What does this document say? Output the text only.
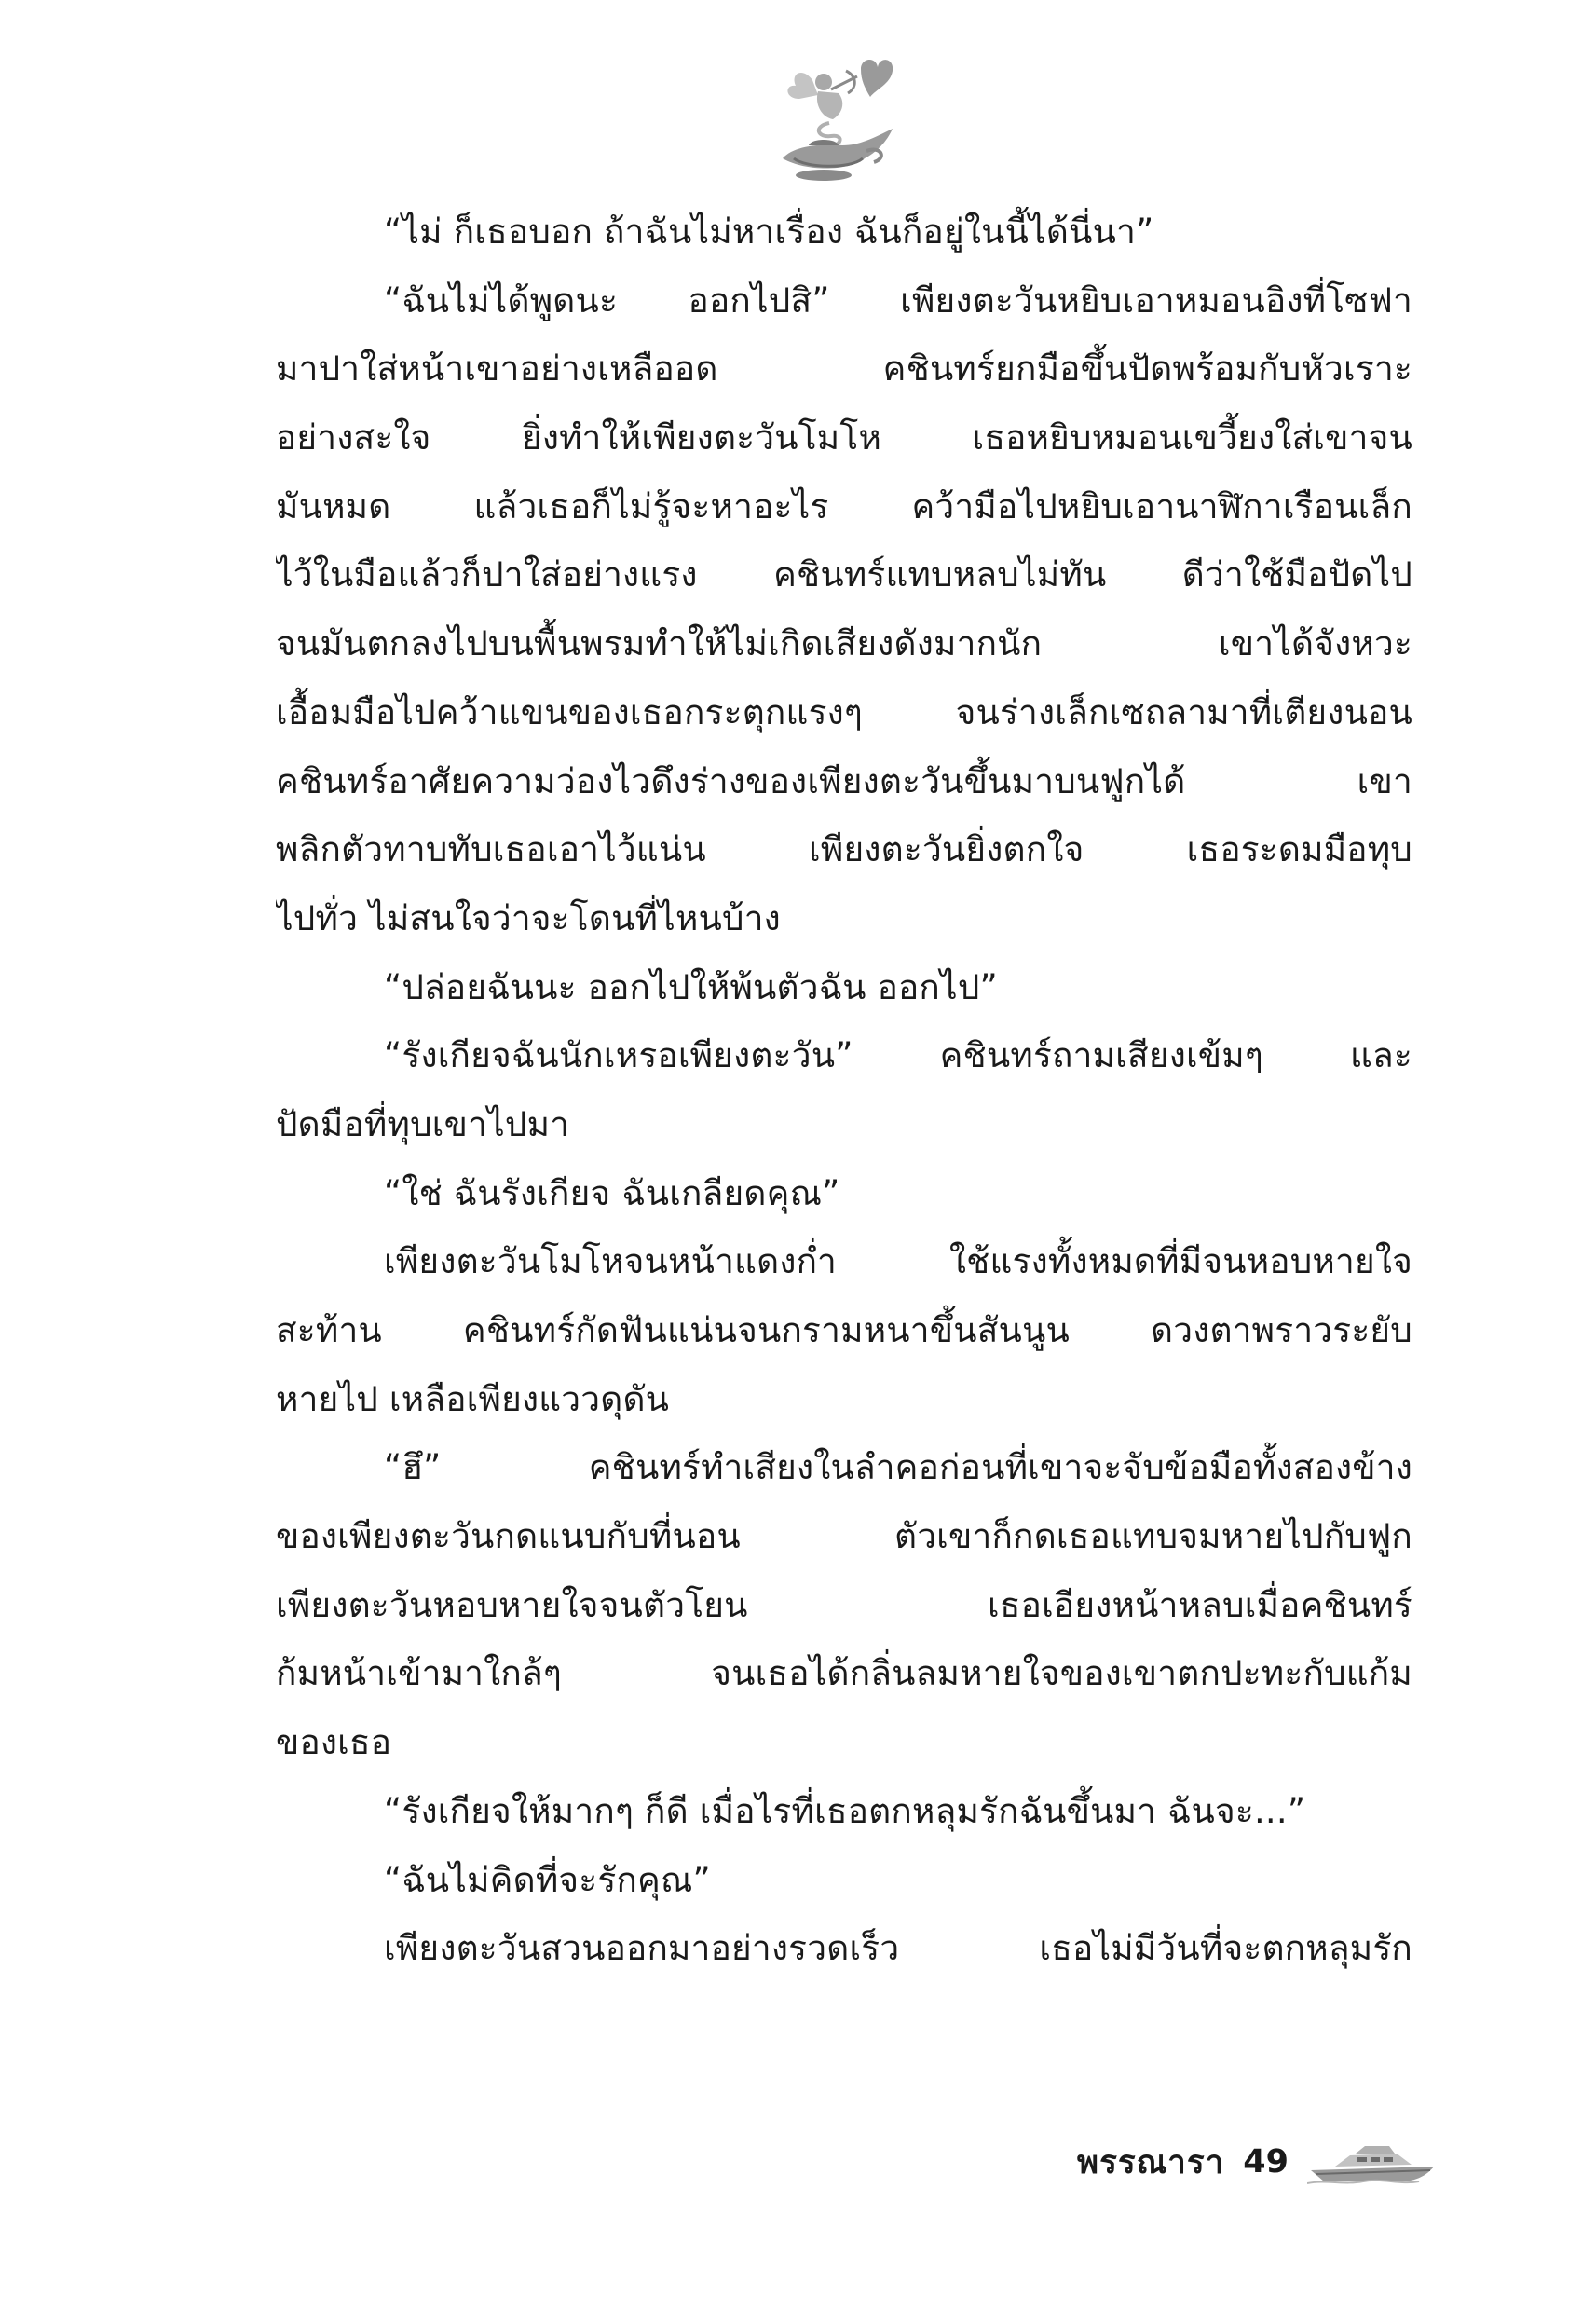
“ไม่ ก็เธอบอก ถ้าฉันไม่หาเรื่อง ฉันก็อยู่ในนี้ได้นี่นา”
“ฉันไม่ได้พูดนะ ออกไปสิ” เพียงตะวันหยิบเอาหมอนอิงที่โซฟา
มาปาใส่หน้าเขาอย่างเหลืออด คชินทร์ยกมือขึ้นปัดพร้อมกับหัวเราะ
อย่างสะใจ ยิ่งทำให้เพียงตะวันโมโห เธอหยิบหมอนเขวี้ยงใส่เขาจน
มันหมด แล้วเธอก็ไม่รู้จะหาอะไร คว้ามือไปหยิบเอานาฬิกาเรือนเล็ก
ไว้ในมือแล้วก็ปาใส่อย่างแรง คชินทร์แทบหลบไม่ทัน ดีว่าใช้มือปัดไป
จนมันตกลงไปบนพื้นพรมทำให้ไม่เกิดเสียงดังมากนัก เขาได้จังหวะ
เอื้อมมือไปคว้าแขนของเธอกระตุกแรงๆ จนร่างเล็กเซถลามาที่เตียงนอน
คชินทร์อาศัยความว่องไวดึงร่างของเพียงตะวันขึ้นมาบนฟูกได้ เขา
พลิกตัวทาบทับเธอเอาไว้แน่น เพียงตะวันยิ่งตกใจ เธอระดมมือทุบ
ไปทั่ว ไม่สนใจว่าจะโดนที่ไหนบ้าง
“ปล่อยฉันนะ ออกไปให้พ้นตัวฉัน ออกไป”
“รังเกียจฉันนักเหรอเพียงตะวัน” คชินทร์ถามเสียงเข้มๆ และ
ปัดมือที่ทุบเขาไปมา
“ใช่ ฉันรังเกียจ ฉันเกลียดคุณ”
เพียงตะวันโมโหจนหน้าแดงก่ำ ใช้แรงทั้งหมดที่มีจนหอบหายใจ
สะท้าน คชินทร์กัดฟันแน่นจนกรามหนาขึ้นสันนูน ดวงตาพราวระยับ
หายไป เหลือเพียงแววดุดัน
“ฮึ” คชินทร์ทำเสียงในลำคอก่อนที่เขาจะจับข้อมือทั้งสองข้าง
ของเพียงตะวันกดแนบกับที่นอน ตัวเขาก็กดเธอแทบจมหายไปกับฟูก
เพียงตะวันหอบหายใจจนตัวโยน เธอเอียงหน้าหลบเมื่อคชินทร์
ก้มหน้าเข้ามาใกล้ๆ จนเธอได้กลิ่นลมหายใจของเขาตกปะทะกับแก้ม
ของเธอ
“รังเกียจให้มากๆ ก็ดี เมื่อไรที่เธอตกหลุมรักฉันขึ้นมา ฉันจะ...”
“ฉันไม่คิดที่จะรักคุณ”
เพียงตะวันสวนออกมาอย่างรวดเร็ว เธอไม่มีวันที่จะตกหลุมรัก
พรรณารา 49
